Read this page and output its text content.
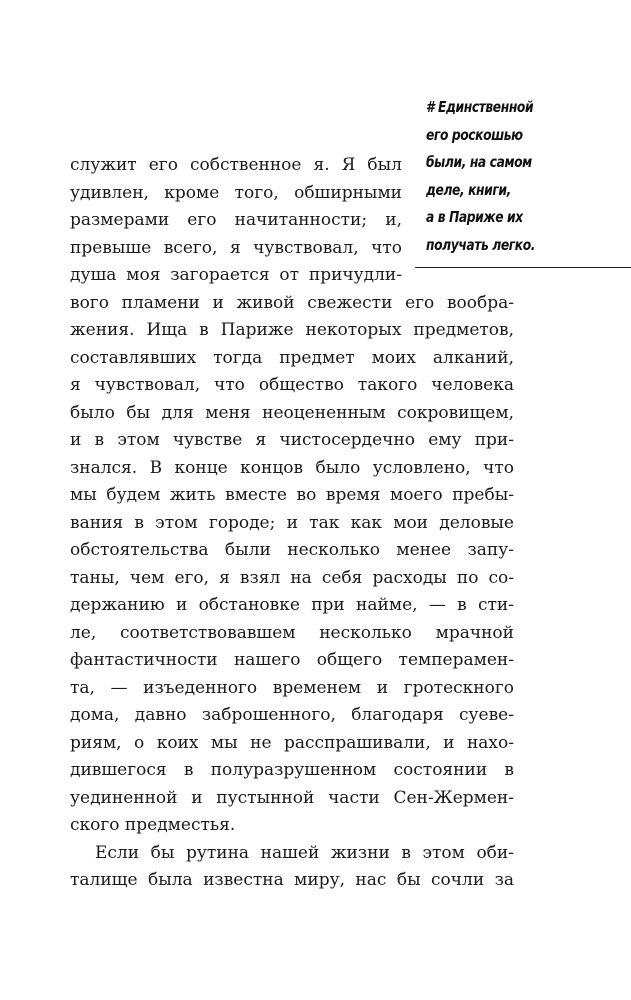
# Единственной
его роскошью
были, на самом
деле, книги,
а в Париже их
получать легко.
служит его собственное я. Я был
удивлен, кроме того, обширными
размерами его начитанности; и,
превыше всего, я чувствовал, что
душа моя загорается от причудли-
вого пламени и живой свежести его вообра-
жения. Ища в Париже некоторых предметов,
составлявших тогда предмет моих алканий,
я чувствовал, что общество такого человека
было бы для меня неоцененным сокровищем,
и в этом чувстве я чистосердечно ему при-
знался. В конце концов было условлено, что
мы будем жить вместе во время моего пребы-
вания в этом городе; и так как мои деловые
обстоятельства были несколько менее запу-
таны, чем его, я взял на себя расходы по со-
держанию и обстановке при найме, — в сти-
ле, соответствовавшем несколько мрачной
фантастичности нашего общего темперамен-
та, — изъеденного временем и гротескного
дома, давно заброшенного, благодаря суеве-
риям, о коих мы не расспрашивали, и нахо-
дившегося в полуразрушенном состоянии в
уединенной и пустынной части Сен-Жермен-
ского предместья.
Если бы рутина нашей жизни в этом оби-
талище была известна миру, нас бы сочли за
